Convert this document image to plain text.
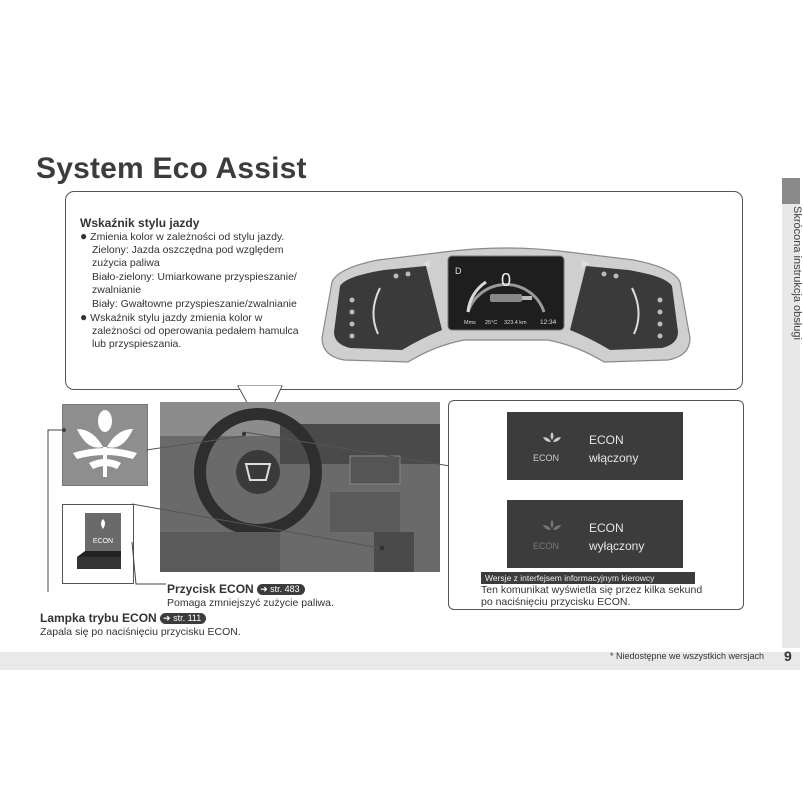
System Eco Assist
Skrócona instrukcja obsługi
Wskaźnik stylu jazdy
● Zmienia kolor w zależności od stylu jazdy.
Zielony: Jazda oszczędna pod względem
zużycia paliwa
Biało-zielony: Umiarkowane przyspieszanie/
zwalnianie
Biały: Gwałtowne przyspieszanie/zwalnianie
● Wskaźnik stylu jazdy zmienia kolor w
zależności od operowania pedałem hamulca
lub przyspieszania.
0
D
Mms 25°C 323.4 km 12:34
ECON
ECON
ECON
włączony
ECON
ECON
wyłączony
Wersje z interfejsem informacyjnym kierowcy
Ten komunikat wyświetla się przez kilka sekund
po naciśnięciu przycisku ECON.
Przycisk ECON ➜ str. 483
Pomaga zmniejszyć zużycie paliwa.
Lampka trybu ECON ➜ str. 111
Zapala się po naciśnięciu przycisku ECON.
* Niedostępne we wszystkich wersjach 9
